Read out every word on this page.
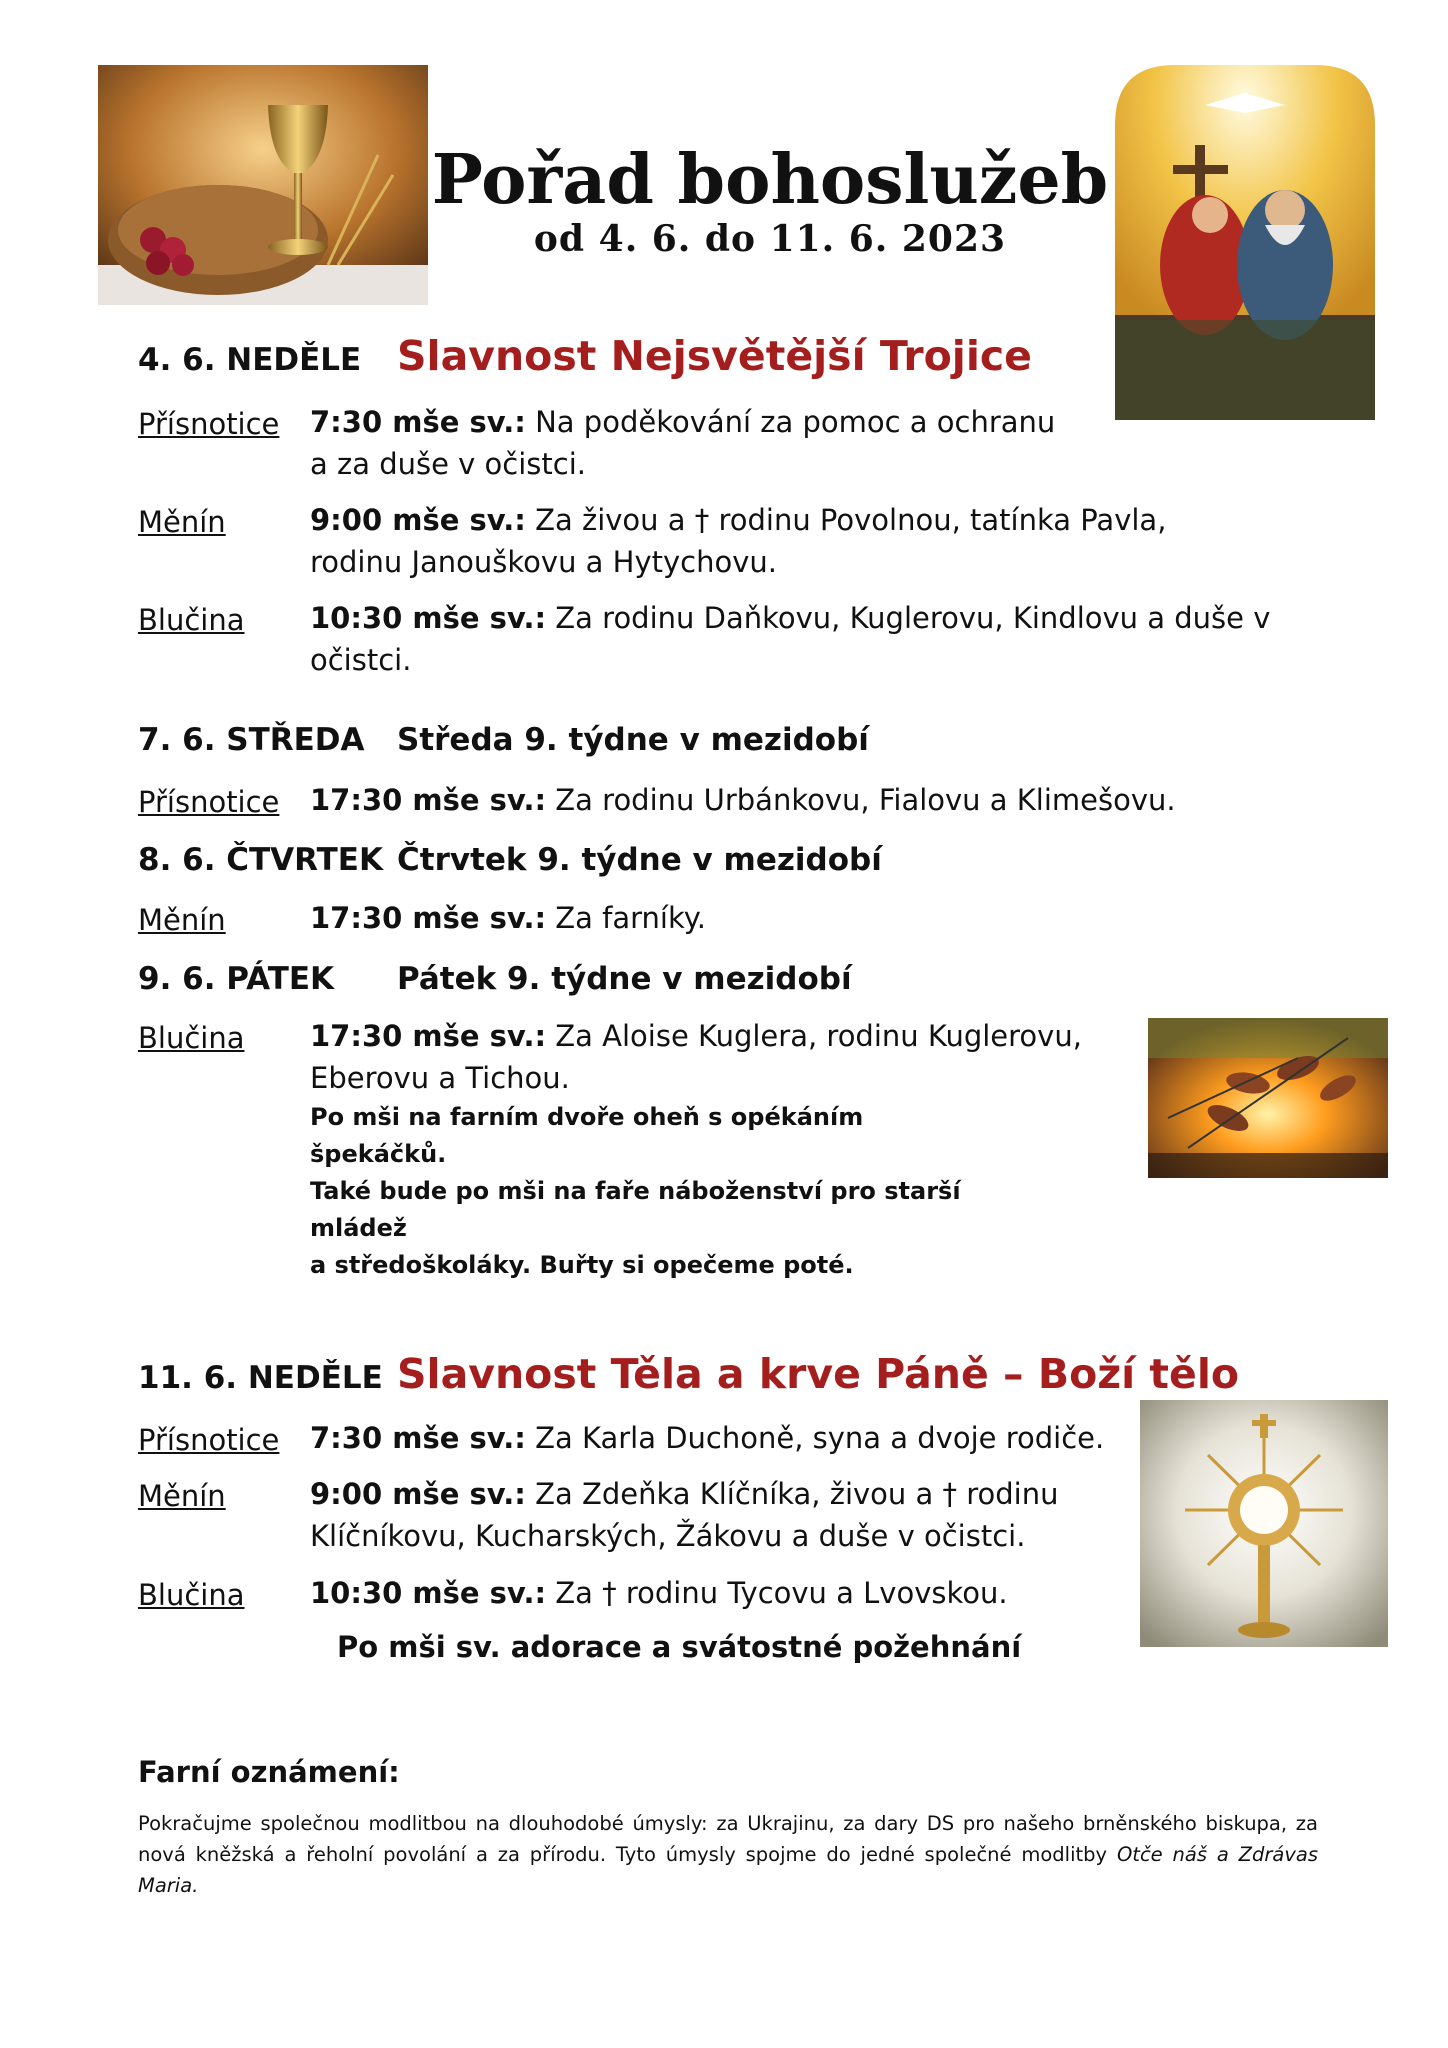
Pořad bohoslužeb
od 4. 6. do 11. 6. 2023
4. 6. NEDĚLE Slavnost Nejsvětější Trojice
Přísnotice 7:30 mše sv.: Na poděkování za pomoc a ochranu
a za duše v očistci.
Měnín	9:00 mše sv.: Za živou a † rodinu Povolnou, tatínka Pavla,
rodinu Janouškovu a Hytychovu.
Blučina 10:30 mše sv.: Za rodinu Daňkovu, Kuglerovu, Kindlovu a duše v očistci.
7. 6. STŘEDA Středa 9. týdne v mezidobí
Přísnotice 17:30 mše sv.: Za rodinu Urbánkovu, Fialovu a Klimešovu.
8. 6. ČTVRTEK Čtrvtek 9. týdne v mezidobí
Měnín	17:30 mše sv.: Za farníky.
9. 6. PÁTEK Pátek 9. týdne v mezidobí
Blučina 17:30 mše sv.: Za Aloise Kuglera, rodinu Kuglerovu,
Eberovu a Tichou.
Po mši na farním dvoře oheň s opékáním špekáčků.
Také bude po mši na faře náboženství pro starší mládež
a středoškoláky. Buřty si opečeme poté.
11. 6. NEDĚLE Slavnost Těla a krve Páně – Boží tělo
Přísnotice 7:30 mše sv.: Za Karla Duchoně, syna a dvoje rodiče.
Měnín	9:00 mše sv.: Za Zdeňka Klíčníka, živou a † rodinu
Klíčníkovu, Kucharských, Žákovu a duše v očistci.
Blučina 10:30 mše sv.: Za † rodinu Tycovu a Lvovskou.
Po mši sv. adorace a svátostné požehnání
Farní oznámení:
Pokračujme společnou modlitbou na dlouhodobé úmysly: za Ukrajinu, za dary DS pro našeho brněnského biskupa, za nová kněžská a řeholní povolání a za přírodu. Tyto úmysly spojme do jedné společné modlitby Otče náš a Zdrávas Maria.
